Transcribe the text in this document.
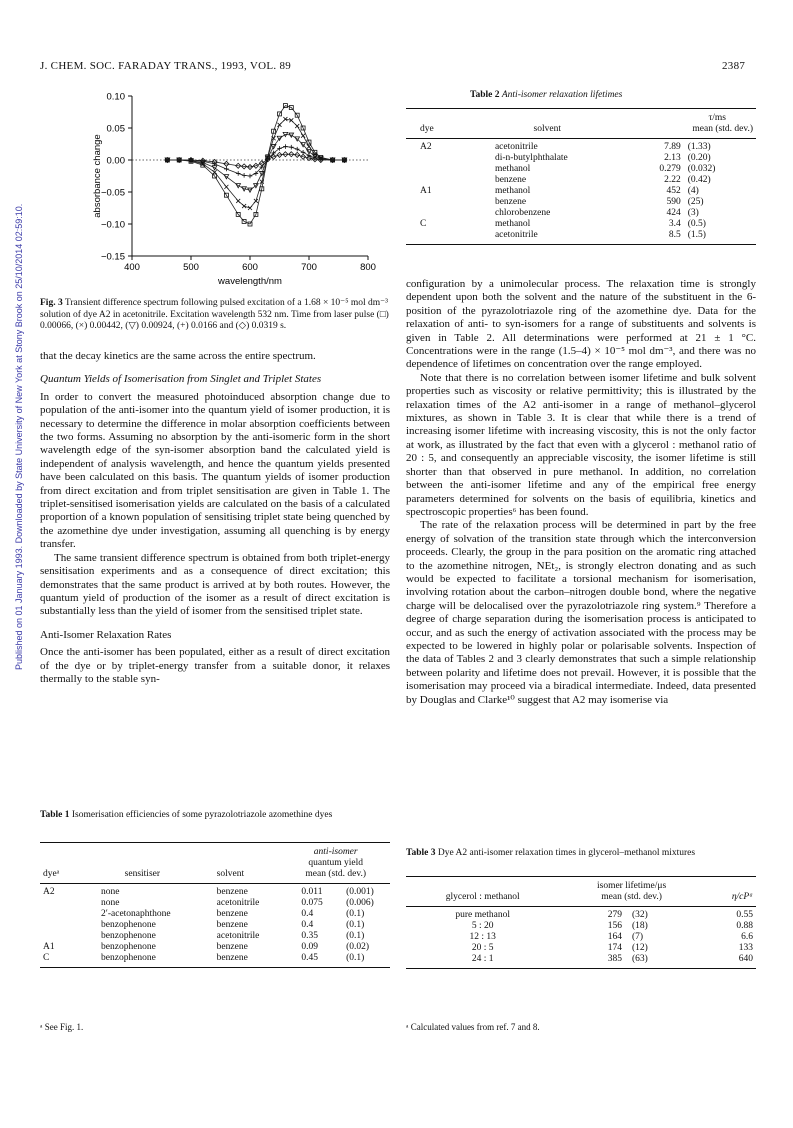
J. CHEM. SOC. FARADAY TRANS., 1993, VOL. 89	2387
Published on 01 January 1993. Downloaded by State University of New York at Stony Brook on 25/10/2014 02:59:10.
0.10
0.05
0.00
−0.05
−0.10
−0.15
400	500	600	700	800
wavelength/nm
absorbance change
Fig. 3 Transient difference spectrum following pulsed excitation of a 1.68 × 10⁻⁵ mol dm⁻³ solution of dye A2 in acetonitrile. Excitation wavelength 532 nm. Time from laser pulse (□) 0.00066, (×) 0.00442, (▽) 0.00924, (+) 0.0166 and (◇) 0.0319 s.

that the decay kinetics are the same across the entire spectrum.

Quantum Yields of Isomerisation from Singlet and Triplet States

In order to convert the measured photoinduced absorption change due to population of the anti-isomer into the quantum yield of isomer production, it is necessary to determine the difference in molar absorption coefficients between the two forms. Assuming no absorption by the anti-isomeric form in the short wavelength edge of the syn-isomer absorption band the calculated yield is independent of analysis wavelength, and hence the quantum yields presented have been calculated on this basis. The quantum yields of isomer production from direct excitation and from triplet sensitisation are given in Table 1. The triplet-sensitised isomerisation yields are calculated on the basis of a calculated proportion of a known population of sensitising triplet state being quenched by the azomethine dye under investigation, assuming all quenching is by energy transfer.

The same transient difference spectrum is obtained from both triplet-energy sensitisation experiments and as a consequence of direct excitation; this demonstrates that the same product is arrived at by both routes. However, the quantum yield of production of the isomer as a result of direct excitation is substantially less than the yield of isomer from the sensitised triplet state.

Anti-Isomer Relaxation Rates

Once the anti-isomer has been populated, either as a result of direct excitation of the dye or by triplet-energy transfer from a suitable donor, it relaxes thermally to the stable syn-

Table 1 Isomerisation efficiencies of some pyrazolotriazole azomethine dyes
			anti-isomer	
			quantum yield	
dyeᵃ	sensitiser	solvent	mean (std. dev.)	
A2	none	benzene	0.011	(0.001)
	none	acetonitrile	0.075	(0.006)
	2′-acetonaphthone	benzene	0.4	(0.1)
	benzophenone	benzene	0.4	(0.1)
	benzophenone	acetonitrile	0.35	(0.1)
A1	benzophenone	benzene	0.09	(0.02)
C	benzophenone	benzene	0.45	(0.1)
ᵃ See Fig. 1.
Table 2 Anti-isomer relaxation lifetimes
		τ/ms	
dye	solvent	mean (std. dev.)	
A2	acetonitrile	7.89	(1.33)
	di-n-butylphthalate	2.13	(0.20)
	methanol	0.279	(0.032)
	benzene	2.22	(0.42)
A1	methanol	452	(4)
	benzene	590	(25)
	chlorobenzene	424	(3)
C	methanol	3.4	(0.5)
	acetonitrile	8.5	(1.5)

configuration by a unimolecular process. The relaxation time is strongly dependent upon both the solvent and the nature of the substituent in the 6-position of the pyrazolotriazole ring of the azomethine dye. Data for the relaxation of anti- to syn-isomers for a range of substituents and solvents is given in Table 2. All determinations were performed at 21 ± 1 °C. Concentrations were in the range (1.5–4) × 10⁻⁵ mol dm⁻³, and there was no dependence of lifetimes on concentration over the range employed.

Note that there is no correlation between isomer lifetime and bulk solvent properties such as viscosity or relative permittivity; this is illustrated by the relaxation times of the A2 anti-isomer in a range of methanol–glycerol mixtures, as shown in Table 3. It is clear that while there is a trend of increasing isomer lifetime with increasing viscosity, this is not the only factor at work, as illustrated by the fact that even with a glycerol : methanol ratio of 20 : 5, and consequently an appreciable viscosity, the isomer lifetime is still shorter than that observed in pure methanol. In addition, no correlation between the anti-isomer lifetime and any of the empirical free energy parameters determined for solvents on the basis of equilibria, kinetics and spectroscopic properties⁶ has been found.

The rate of the relaxation process will be determined in part by the free energy of solvation of the transition state through which the interconversion proceeds. Clearly, the group in the para position on the aromatic ring attached to the azomethine nitrogen, NEt₂, is strongly electron donating and as such would be expected to facilitate a torsional mechanism for isomerisation, involving rotation about the carbon–nitrogen double bond, where the negative charge will be delocalised over the pyrazolotriazole ring system.⁹ Therefore a degree of charge separation during the isomerisation process is anticipated to occur, and as such the energy of activation associated with the process may be expected to be lowered in highly polar or polarisable solvents. Inspection of the data of Tables 2 and 3 clearly demonstrates that such a simple relationship between polarity and lifetime does not prevail. However, it is possible that the isomerisation may proceed via a biradical intermediate. Indeed, data presented by Douglas and Clarke¹⁰ suggest that A2 may isomerise via

Table 3 Dye A2 anti-isomer relaxation times in glycerol–methanol mixtures
	isomer lifetime/μs		
glycerol : methanol	mean (std. dev.)		η/cPᵃ
pure methanol	279	(32)	0.55
5 : 20	156	(18)	0.88
12 : 13	164	(7)	6.6
20 : 5	174	(12)	133
24 : 1	385	(63)	640
ᵃ Calculated values from ref. 7 and 8.
